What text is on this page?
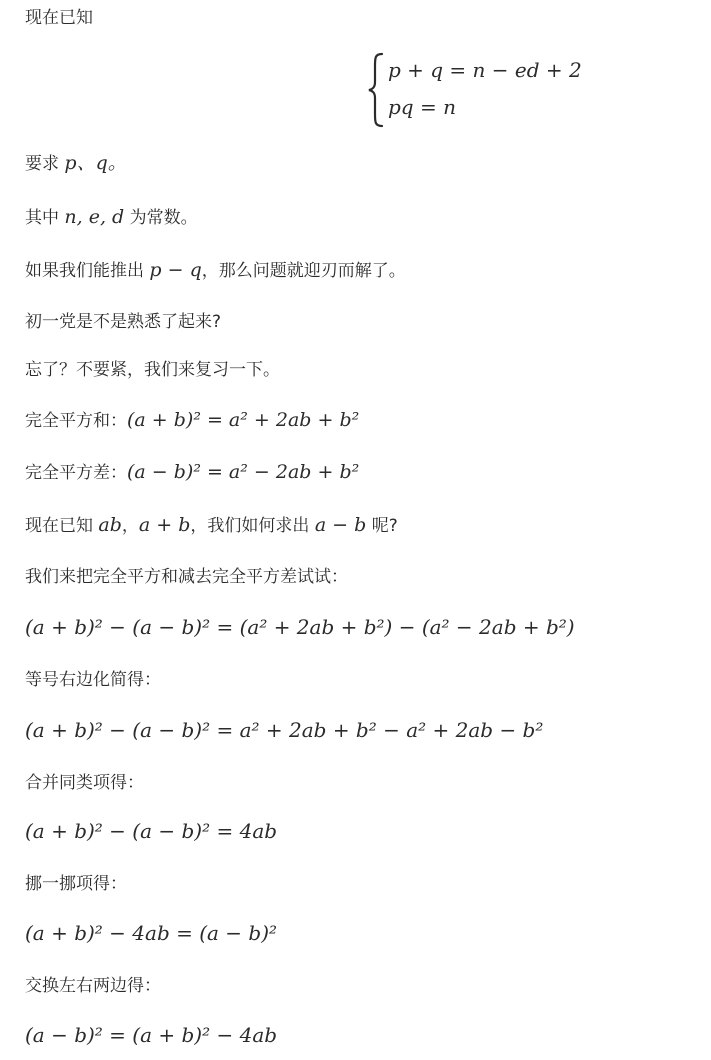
现在已知
p + q = n − ed + 2
pq = n
要求 p、q。
其中 n, e, d 为常数。
如果我们能推出 p − q，那么问题就迎刃而解了。
初一党是不是熟悉了起来?
忘了？不要紧，我们来复习一下。
完全平方和：(a + b)² = a² + 2ab + b²
完全平方差：(a − b)² = a² − 2ab + b²
现在已知 ab，a + b，我们如何求出 a − b 呢?
我们来把完全平方和减去完全平方差试试：
(a + b)² − (a − b)² = (a² + 2ab + b²) − (a² − 2ab + b²)
等号右边化简得：
(a + b)² − (a − b)² = a² + 2ab + b² − a² + 2ab − b²
合并同类项得：
(a + b)² − (a − b)² = 4ab
挪一挪项得：
(a + b)² − 4ab = (a − b)²
交换左右两边得：
(a − b)² = (a + b)² − 4ab
